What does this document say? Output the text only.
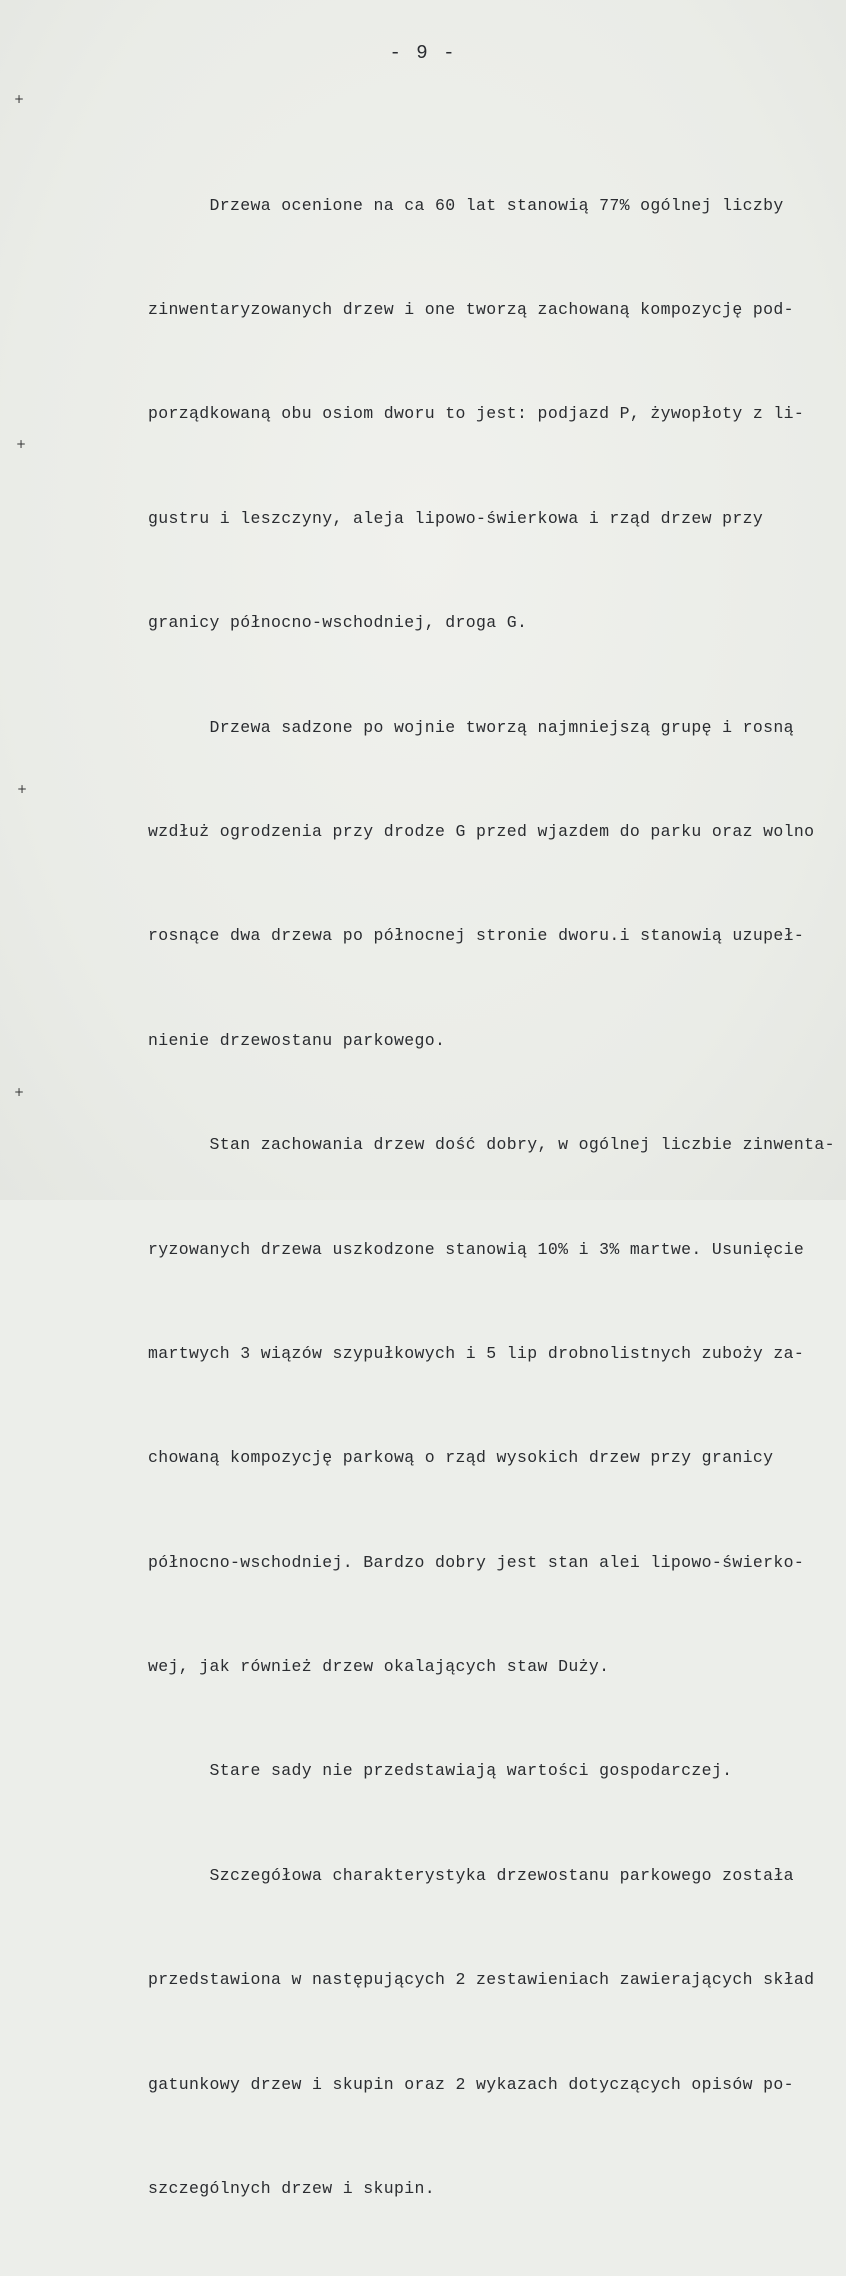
- 9 -

Drzewa ocenione na ca 60 lat stanowią 77% ogólnej liczby

zinwentaryzowanych drzew i one tworzą zachowaną kompozycję pod-

porządkowaną obu osiom dworu to jest: podjazd P, żywopłoty z li-

gustru i leszczyny, aleja lipowo-świerkowa i rząd drzew przy

granicy północno-wschodniej, droga G.

Drzewa sadzone po wojnie tworzą najmniejszą grupę i rosną

wzdłuż ogrodzenia przy drodze G przed wjazdem do parku oraz wolno

rosnące dwa drzewa po północnej stronie dworu.i stanowią uzupeł-

nienie drzewostanu parkowego.

Stan zachowania drzew dość dobry, w ogólnej liczbie zinwenta-

ryzowanych drzewa uszkodzone stanowią 10% i 3% martwe. Usunięcie

martwych 3 wiązów szypułkowych i 5 lip drobnolistnych zuboży za-

chowaną kompozycję parkową o rząd wysokich drzew przy granicy

północno-wschodniej. Bardzo dobry jest stan alei lipowo-świerko-

wej, jak również drzew okalających staw Duży.

Stare sady nie przedstawiają wartości gospodarczej.

Szczegółowa charakterystyka drzewostanu parkowego została

przedstawiona w następujących 2 zestawieniach zawierających skład

gatunkowy drzew i skupin oraz 2 wykazach dotyczących opisów po-

szczególnych drzew i skupin.

+
+
+
+
